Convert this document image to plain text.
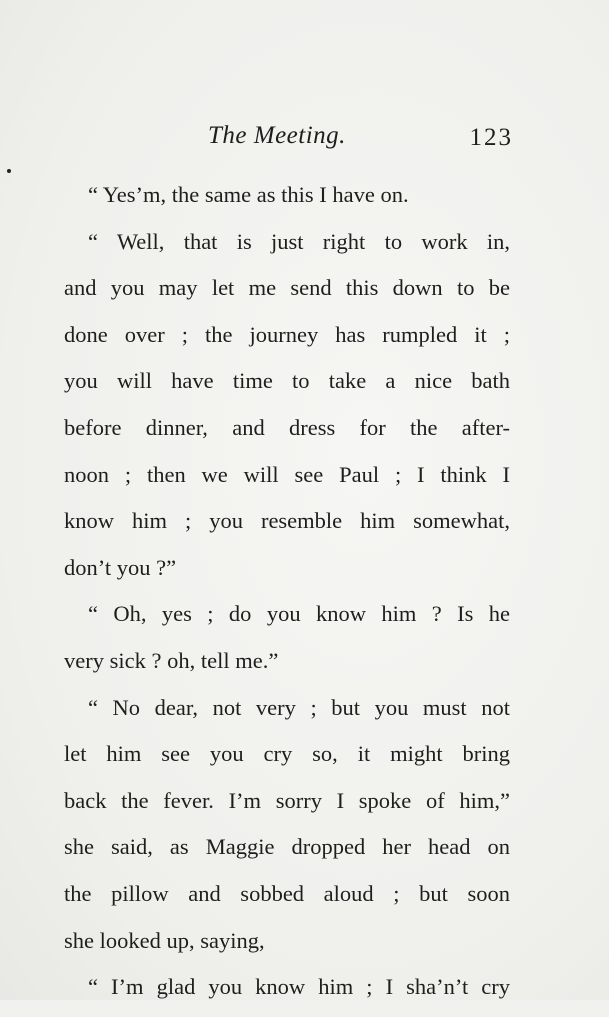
The Meeting.	123
“ Yes’m, the same as this I have on.
“ Well, that is just right to work in,
and you may let me send this down to be
done over ; the journey has rumpled it ;
you will have time to take a nice bath
before dinner, and dress for the after-
noon ; then we will see Paul ; I think I
know him ; you resemble him somewhat,
don’t you ?”
“ Oh, yes ; do you know him ? Is he
very sick ? oh, tell me.”
“ No dear, not very ; but you must not
let him see you cry so, it might bring
back the fever. I’m sorry I spoke of him,”
she said, as Maggie dropped her head on
the pillow and sobbed aloud ; but soon
she looked up, saying,
“ I’m glad you know him ; I sha’n’t cry
